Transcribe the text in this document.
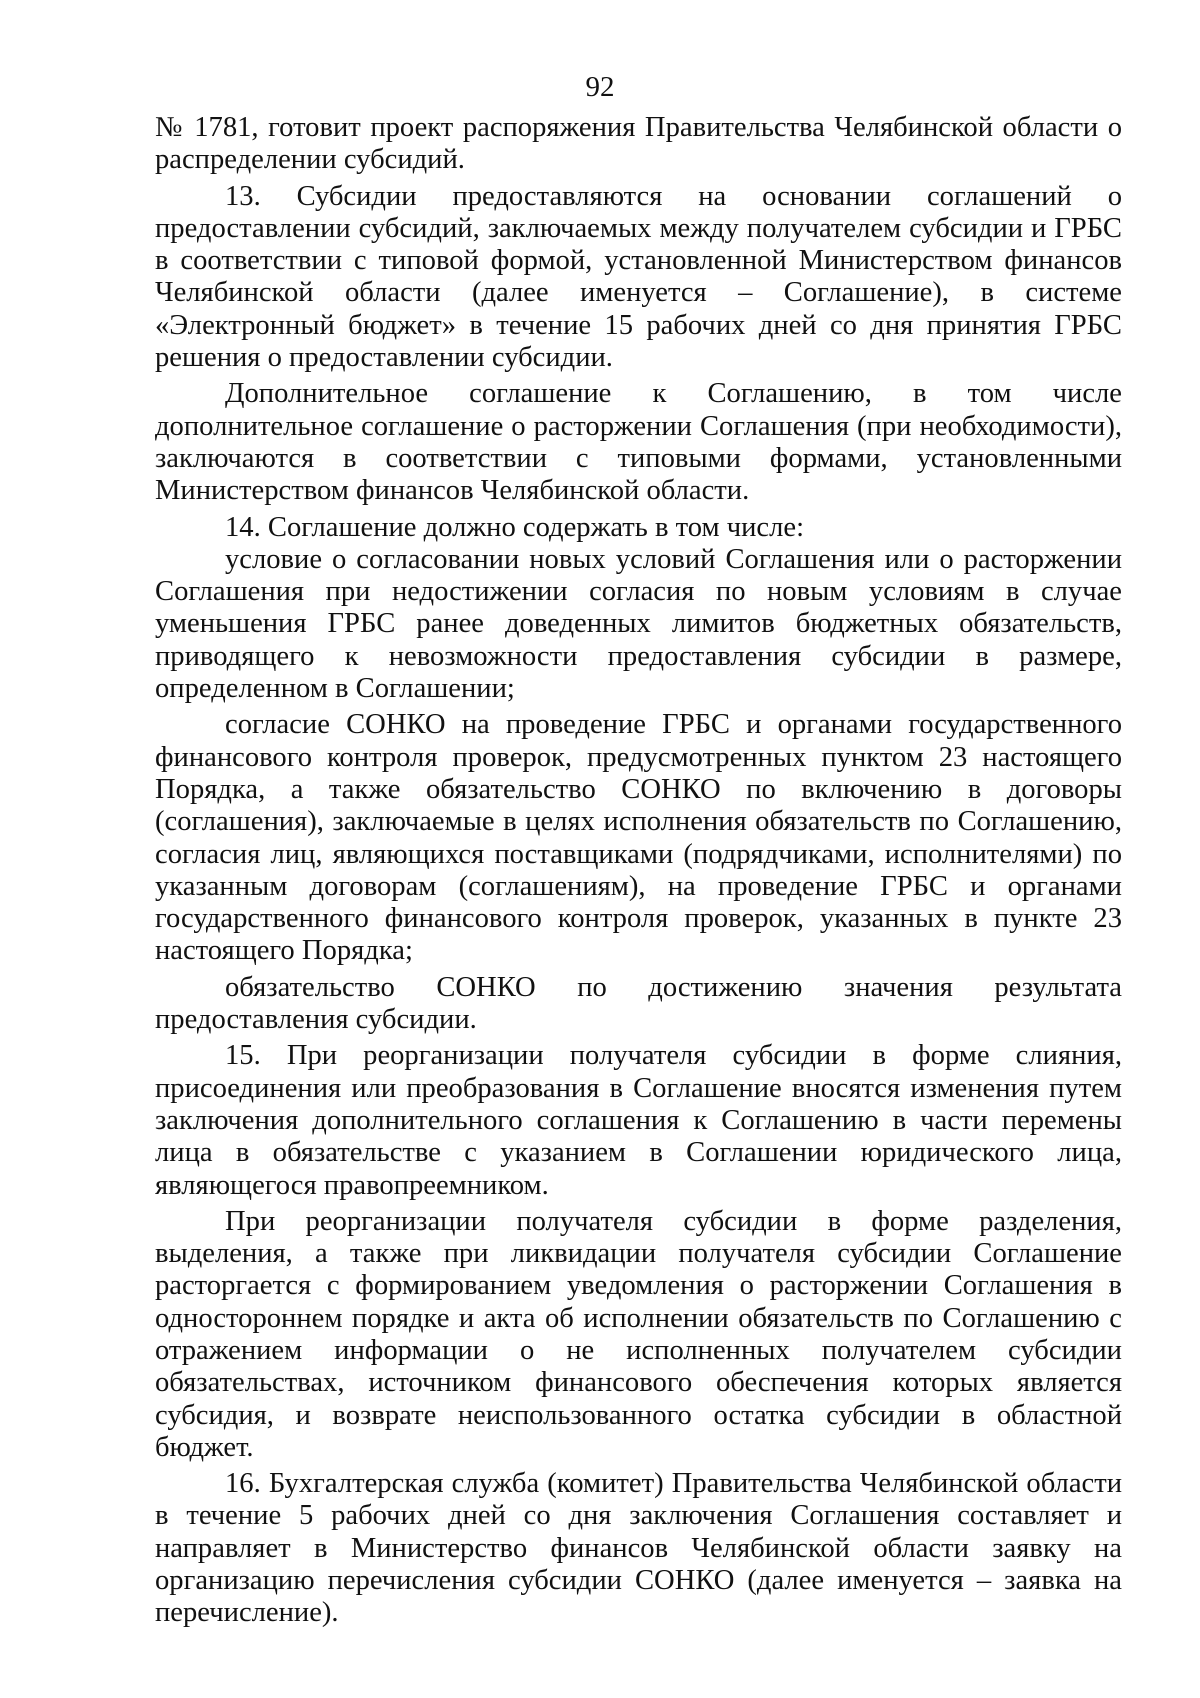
92

№ 1781, готовит проект распоряжения Правительства Челябинской области о распределении субсидий.

13. Субсидии предоставляются на основании соглашений о предоставлении субсидий, заключаемых между получателем субсидии и ГРБС в соответствии с типовой формой, установленной Министерством финансов Челябинской области (далее именуется – Соглашение), в системе «Электронный бюджет» в течение 15 рабочих дней со дня принятия ГРБС решения о предоставлении субсидии.

Дополнительное соглашение к Соглашению, в том числе дополнительное соглашение о расторжении Соглашения (при необходимости), заключаются в соответствии с типовыми формами, установленными Министерством финансов Челябинской области.

14. Соглашение должно содержать в том числе:

условие о согласовании новых условий Соглашения или о расторжении Соглашения при недостижении согласия по новым условиям в случае уменьшения ГРБС ранее доведенных лимитов бюджетных обязательств, приводящего к невозможности предоставления субсидии в размере, определенном в Соглашении;

согласие СОНКО на проведение ГРБС и органами государственного финансового контроля проверок, предусмотренных пунктом 23 настоящего Порядка, а также обязательство СОНКО по включению в договоры (соглашения), заключаемые в целях исполнения обязательств по Соглашению, согласия лиц, являющихся поставщиками (подрядчиками, исполнителями) по указанным договорам (соглашениям), на проведение ГРБС и органами государственного финансового контроля проверок, указанных в пункте 23 настоящего Порядка;

обязательство СОНКО по достижению значения результата предоставления субсидии.

15. При реорганизации получателя субсидии в форме слияния, присоединения или преобразования в Соглашение вносятся изменения путем заключения дополнительного соглашения к Соглашению в части перемены лица в обязательстве с указанием в Соглашении юридического лица, являющегося правопреемником.

При реорганизации получателя субсидии в форме разделения, выделения, а также при ликвидации получателя субсидии Соглашение расторгается с формированием уведомления о расторжении Соглашения в одностороннем порядке и акта об исполнении обязательств по Соглашению с отражением информации о не исполненных получателем субсидии обязательствах, источником финансового обеспечения которых является субсидия, и возврате неиспользованного остатка субсидии в областной бюджет.

16. Бухгалтерская служба (комитет) Правительства Челябинской области в течение 5 рабочих дней со дня заключения Соглашения составляет и направляет в Министерство финансов Челябинской области заявку на организацию перечисления субсидии СОНКО (далее именуется – заявка на перечисление).
